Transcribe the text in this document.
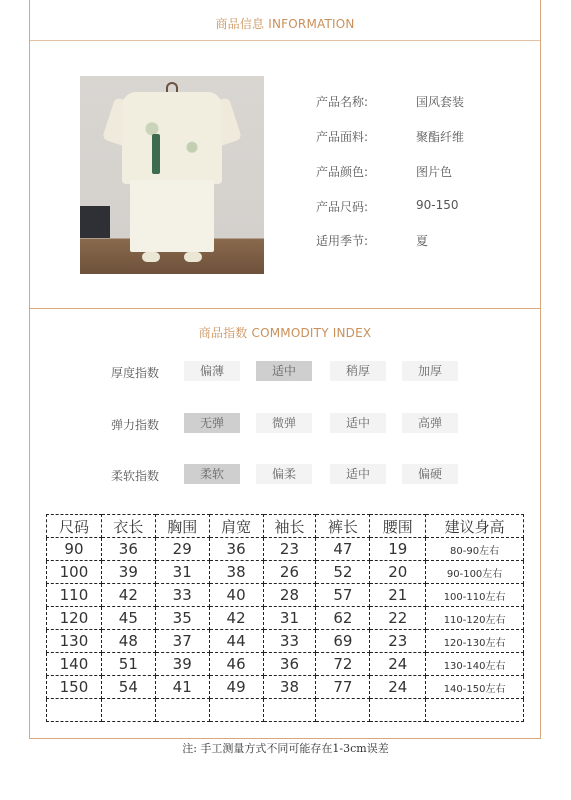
商品信息 INFORMATION
产品名称:	国风套装
产品面料:	聚酯纤维
产品颜色:	图片色
产品尺码:	90-150
适用季节:	夏
商品指数 COMMODITY INDEX
厚度指数	偏薄	适中	稍厚	加厚
弹力指数	无弹	微弹	适中	高弹
柔软指数	柔软	偏柔	适中	偏硬
尺码	衣长	胸围	肩宽	袖长	裤长	腰围	建议身高
90	36	29	36	23	47	19	80-90左右
100	39	31	38	26	52	20	90-100左右
110	42	33	40	28	57	21	100-110左右
120	45	35	42	31	62	22	110-120左右
130	48	37	44	33	69	23	120-130左右
140	51	39	46	36	72	24	130-140左右
150	54	41	49	38	77	24	140-150左右

注: 手工测量方式不同可能存在1-3cm误差
